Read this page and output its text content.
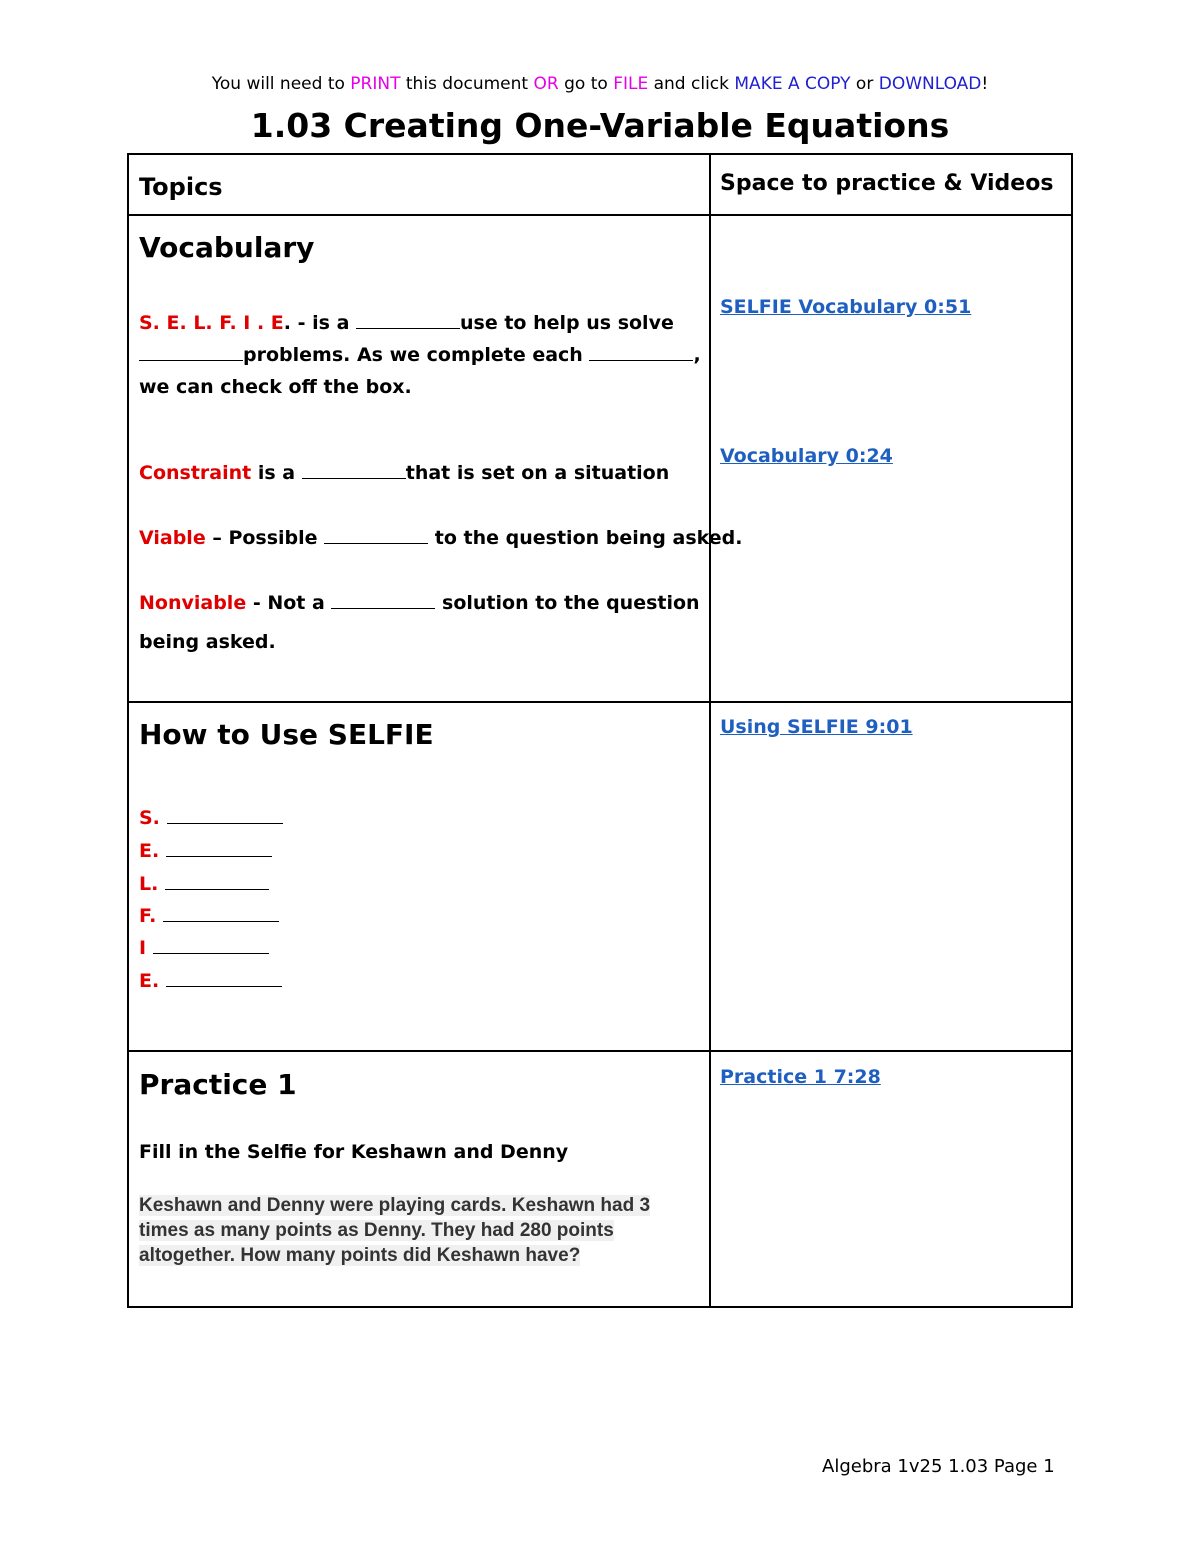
You will need to PRINT this document OR go to FILE and click MAKE A COPY or DOWNLOAD!
1.03 Creating One-Variable Equations
Topics	Space to practice & Videos
Vocabulary
S. E. L. F. I . E. - is a	use to help us solve
problems. As we complete each	,
we can check off the box.
Constraint is a	that is set on a situation
Viable – Possible	to the question being asked.
Nonviable - Not a	solution to the question
being asked.
SELFIE Vocabulary 0:51
Vocabulary 0:24
How to Use SELFIE
S.
E.
L.
F.
I
E.
Using SELFIE 9:01
Practice 1
Fill in the Selfie for Keshawn and Denny
Keshawn and Denny were playing cards. Keshawn had 3
times as many points as Denny. They had 280 points
altogether. How many points did Keshawn have?
Practice 1 7:28
Algebra 1v25 1.03 Page 1
